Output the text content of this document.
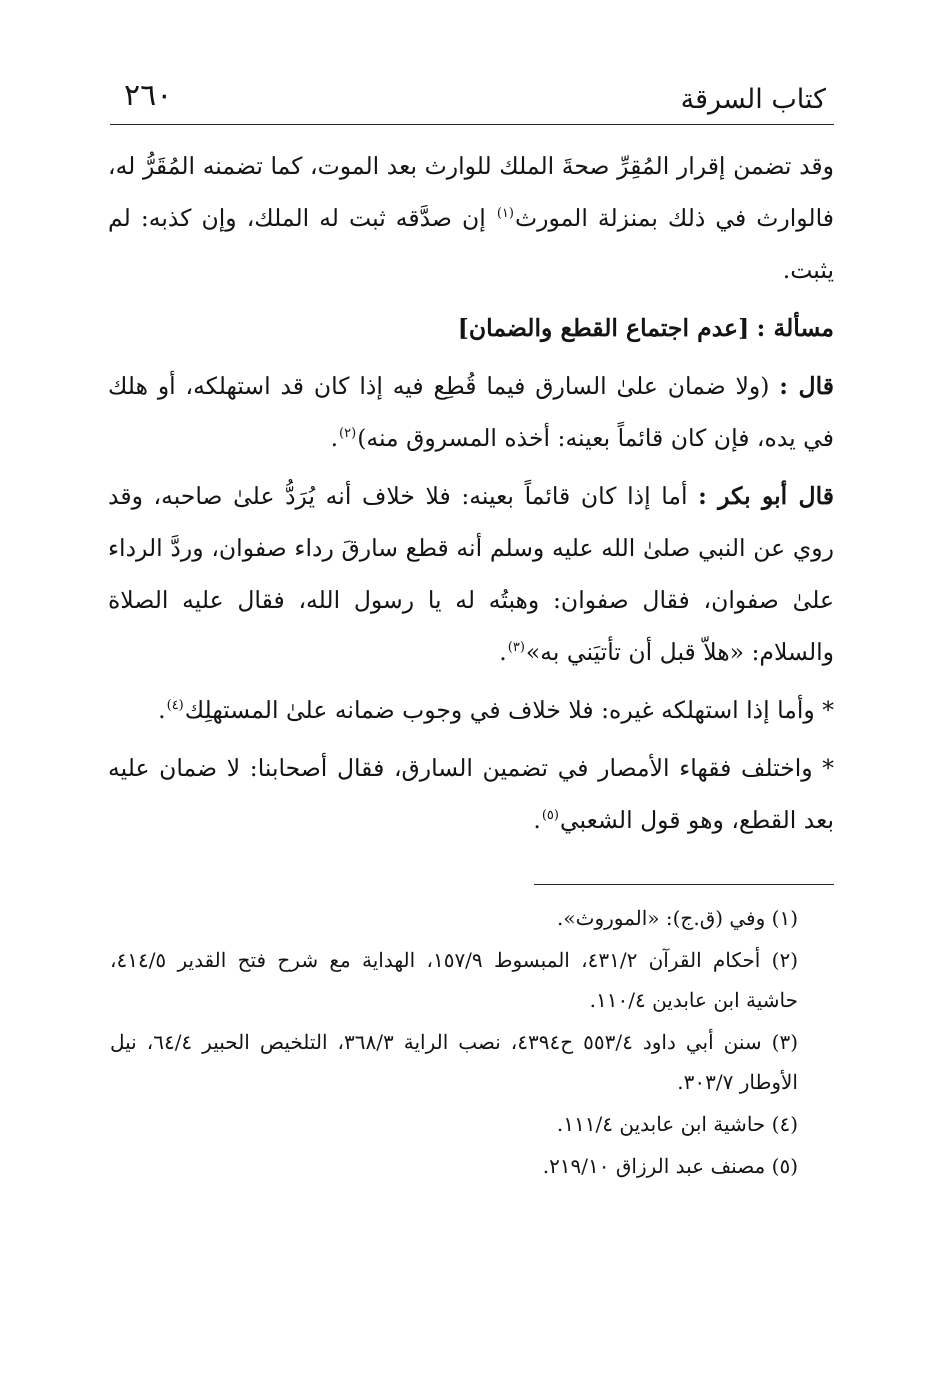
كتاب السرقة
٢٦٠

وقد تضمن إقرار المُقِرِّ صحةَ الملك للوارث بعد الموت، كما تضمنه المُقَرُّ له، فالوارث في ذلك بمنزلة المورث$^{(١)}$ إن صدَّقه ثبت له الملك، وإن كذبه: لم يثبت.

مسألة : [عدم اجتماع القطع والضمان]

قال : (ولا ضمان علىٰ السارق فيما قُطِع فيه إذا كان قد استهلكه، أو هلك في يده، فإن كان قائماً بعينه: أخذه المسروق منه)$^{(٢)}$.

قال أبو بكر : أما إذا كان قائماً بعينه: فلا خلاف أنه يُرَدُّ علىٰ صاحبه، وقد روي عن النبي صلىٰ الله عليه وسلم أنه قطع سارقَ رداء صفوان، وردَّ الرداء علىٰ صفوان، فقال صفوان: وهبتُه له يا رسول الله، فقال عليه الصلاة والسلام: «هلاّ قبل أن تأتيَني به»$^{(٣)}$.

* وأما إذا استهلكه غيره: فلا خلاف في وجوب ضمانه علىٰ المستهلِك$^{(٤)}$.

* واختلف فقهاء الأمصار في تضمين السارق، فقال أصحابنا: لا ضمان عليه بعد القطع، وهو قول الشعبي$^{(٥)}$.

(١) وفي (ق.ج): «الموروث».

(٢) أحكام القرآن ٤٣١/٢، المبسوط ١٥٧/٩، الهداية مع شرح فتح القدير ٤١٤/٥، حاشية ابن عابدين ١١٠/٤.

(٣) سنن أبي داود ٥٥٣/٤ ح٤٣٩٤، نصب الراية ٣٦٨/٣، التلخيص الحبير ٦٤/٤، نيل الأوطار ٣٠٣/٧.

(٤) حاشية ابن عابدين ١١١/٤.

(٥) مصنف عبد الرزاق ٢١٩/١٠.
